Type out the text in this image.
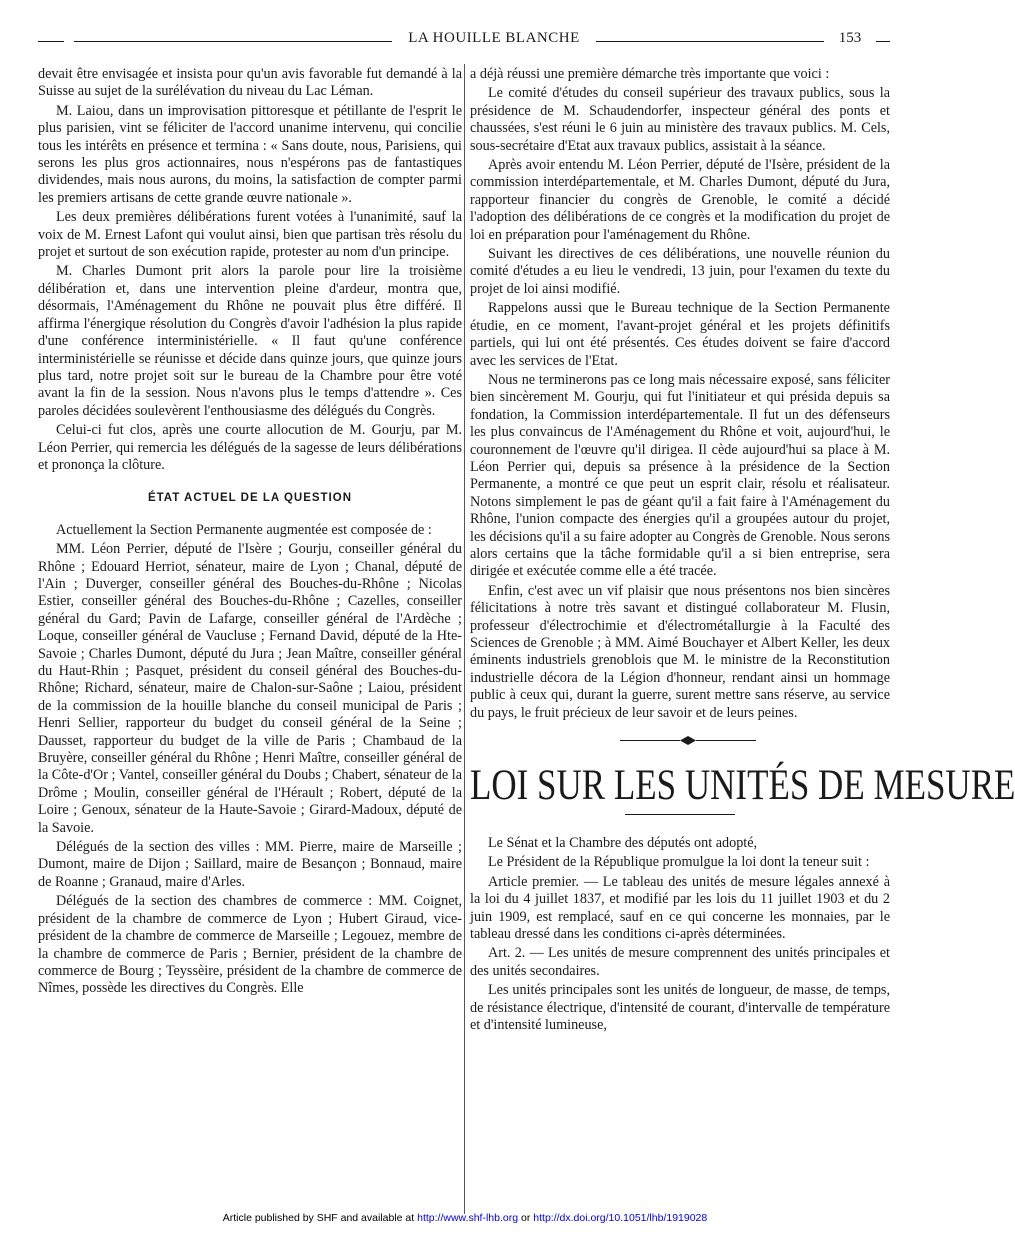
LA HOUILLE BLANCHE	153

devait être envisagée et insista pour qu'un avis favorable fut demandé à la Suisse au sujet de la surélévation du niveau du Lac Léman.

M. Laiou, dans un improvisation pittoresque et pétillante de l'esprit le plus parisien, vint se féliciter de l'accord unanime intervenu, qui concilie tous les intérêts en présence et termina : « Sans doute, nous, Parisiens, qui serons les plus gros actionnaires, nous n'espérons pas de fantastiques dividendes, mais nous aurons, du moins, la satisfaction de compter parmi les premiers artisans de cette grande œuvre nationale ».

Les deux premières délibérations furent votées à l'unanimité, sauf la voix de M. Ernest Lafont qui voulut ainsi, bien que partisan très résolu du projet et surtout de son exécution rapide, protester au nom d'un principe.

M. Charles Dumont prit alors la parole pour lire la troisième délibération et, dans une intervention pleine d'ardeur, montra que, désormais, l'Aménagement du Rhône ne pouvait plus être différé. Il affirma l'énergique résolution du Congrès d'avoir l'adhésion la plus rapide d'une conférence interministérielle. « Il faut qu'une conférence interministérielle se réunisse et décide dans quinze jours, que quinze jours plus tard, notre projet soit sur le bureau de la Chambre pour être voté avant la fin de la session. Nous n'avons plus le temps d'attendre ». Ces paroles décidées soulevèrent l'enthousiasme des délégués du Congrès.

Celui-ci fut clos, après une courte allocution de M. Gourju, par M. Léon Perrier, qui remercia les délégués de la sagesse de leurs délibérations et prononça la clôture.

ÉTAT ACTUEL DE LA QUESTION

Actuellement la Section Permanente augmentée est composée de :

MM. Léon Perrier, député de l'Isère ; Gourju, conseiller général du Rhône ; Edouard Herriot, sénateur, maire de Lyon ; Chanal, député de l'Ain ; Duverger, conseiller général des Bouches-du-Rhône ; Nicolas Estier, conseiller général des Bouches-du-Rhône ; Cazelles, conseiller général du Gard; Pavin de Lafarge, conseiller général de l'Ardèche ; Loque, conseiller général de Vaucluse ; Fernand David, député de la Hte-Savoie ; Charles Dumont, député du Jura ; Jean Maître, conseiller général du Haut-Rhin ; Pasquet, président du conseil général des Bouches-du-Rhône; Richard, sénateur, maire de Chalon-sur-Saône ; Laiou, président de la commission de la houille blanche du conseil municipal de Paris ; Henri Sellier, rapporteur du budget du conseil général de la Seine ; Dausset, rapporteur du budget de la ville de Paris ; Chambaud de la Bruyère, conseiller général du Rhône ; Henri Maître, conseiller général de la Côte-d'Or ; Vantel, conseiller général du Doubs ; Chabert, sénateur de la Drôme ; Moulin, conseiller général de l'Hérault ; Robert, député de la Loire ; Genoux, sénateur de la Haute-Savoie ; Girard-Madoux, député de la Savoie.

Délégués de la section des villes : MM. Pierre, maire de Marseille ; Dumont, maire de Dijon ; Saillard, maire de Besançon ; Bonnaud, maire de Roanne ; Granaud, maire d'Arles.

Délégués de la section des chambres de commerce : MM. Coignet, président de la chambre de commerce de Lyon ; Hubert Giraud, vice-président de la chambre de commerce de Marseille ; Legouez, membre de la chambre de commerce de Paris ; Bernier, président de la chambre de commerce de Bourg ; Teyssèire, président de la chambre de commerce de Nîmes, possède les directives du Congrès. Elle

a déjà réussi une première démarche très importante que voici :

Le comité d'études du conseil supérieur des travaux publics, sous la présidence de M. Schaudendorfer, inspecteur général des ponts et chaussées, s'est réuni le 6 juin au ministère des travaux publics. M. Cels, sous-secrétaire d'Etat aux travaux publics, assistait à la séance.

Après avoir entendu M. Léon Perrier, député de l'Isère, président de la commission interdépartementale, et M. Charles Dumont, député du Jura, rapporteur financier du congrès de Grenoble, le comité a décidé l'adoption des délibérations de ce congrès et la modification du projet de loi en préparation pour l'aménagement du Rhône.

Suivant les directives de ces délibérations, une nouvelle réunion du comité d'études a eu lieu le vendredi, 13 juin, pour l'examen du texte du projet de loi ainsi modifié.

Rappelons aussi que le Bureau technique de la Section Permanente étudie, en ce moment, l'avant-projet général et les projets définitifs partiels, qui lui ont été présentés. Ces études doivent se faire d'accord avec les services de l'Etat.

Nous ne terminerons pas ce long mais nécessaire exposé, sans féliciter bien sincèrement M. Gourju, qui fut l'initiateur et qui présida depuis sa fondation, la Commission interdépartementale. Il fut un des défenseurs les plus convaincus de l'Aménagement du Rhône et voit, aujourd'hui, le couronnement de l'œuvre qu'il dirigea. Il cède aujourd'hui sa place à M. Léon Perrier qui, depuis sa présence à la présidence de la Section Permanente, a montré ce que peut un esprit clair, résolu et réalisateur. Notons simplement le pas de géant qu'il a fait faire à l'Aménagement du Rhône, l'union compacte des énergies qu'il a groupées autour du projet, les décisions qu'il a su faire adopter au Congrès de Grenoble. Nous serons alors certains que la tâche formidable qu'il a si bien entreprise, sera dirigée et exécutée comme elle a été tracée.

Enfin, c'est avec un vif plaisir que nous présentons nos bien sincères félicitations à notre très savant et distingué collaborateur M. Flusin, professeur d'électrochimie et d'électrométallurgie à la Faculté des Sciences de Grenoble ; à MM. Aimé Bouchayer et Albert Keller, les deux éminents industriels grenoblois que M. le ministre de la Reconstitution industrielle décora de la Légion d'honneur, rendant ainsi un hommage public à ceux qui, durant la guerre, surent mettre sans réserve, au service du pays, le fruit précieux de leur savoir et de leurs peines.

LOI SUR LES UNITÉS DE MESURE

Le Sénat et la Chambre des députés ont adopté,

Le Président de la République promulgue la loi dont la teneur suit :

Article premier. — Le tableau des unités de mesure légales annexé à la loi du 4 juillet 1837, et modifié par les lois du 11 juillet 1903 et du 2 juin 1909, est remplacé, sauf en ce qui concerne les monnaies, par le tableau dressé dans les conditions ci-après déterminées.

Art. 2. — Les unités de mesure comprennent des unités principales et des unités secondaires.

Les unités principales sont les unités de longueur, de masse, de temps, de résistance électrique, d'intensité de courant, d'intervalle de température et d'intensité lumineuse,

Article published by SHF and available at http://www.shf-lhb.org or http://dx.doi.org/10.1051/lhb/1919028
